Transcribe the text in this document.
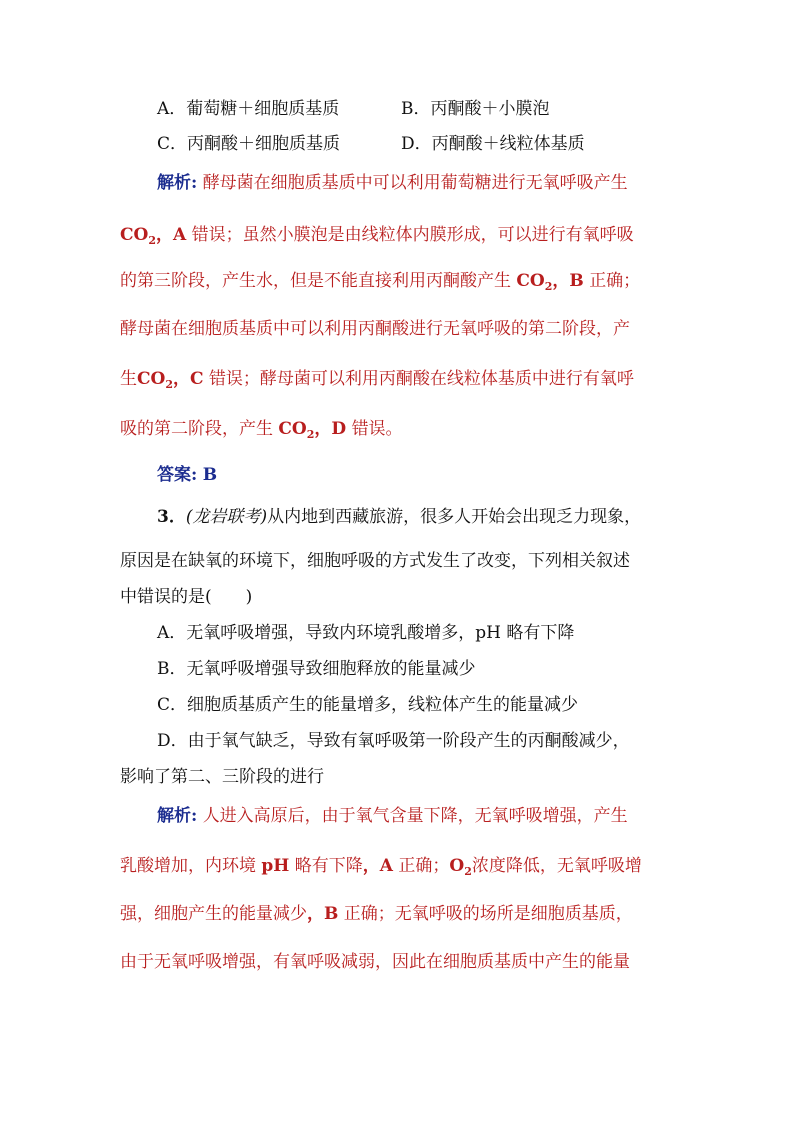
A．葡萄糖＋细胞质基质	B．丙酮酸＋小膜泡
C．丙酮酸＋细胞质基质	D．丙酮酸＋线粒体基质
解析: 酵母菌在细胞质基质中可以利用葡萄糖进行无氧呼吸产生
$CO_2$，A 错误；虽然小膜泡是由线粒体内膜形成，可以进行有氧呼吸
的第三阶段，产生水，但是不能直接利用丙酮酸产生 $CO_2$，B 正确；
酵母菌在细胞质基质中可以利用丙酮酸进行无氧呼吸的第二阶段，产
生$CO_2$，C 错误；酵母菌可以利用丙酮酸在线粒体基质中进行有氧呼
吸的第二阶段，产生 $CO_2$，D 错误。
答案: B
3．(龙岩联考)从内地到西藏旅游，很多人开始会出现乏力现象，
原因是在缺氧的环境下，细胞呼吸的方式发生了改变，下列相关叙述
中错误的是(　　)
A．无氧呼吸增强，导致内环境乳酸增多，pH 略有下降
B．无氧呼吸增强导致细胞释放的能量减少
C．细胞质基质产生的能量增多，线粒体产生的能量减少
D．由于氧气缺乏，导致有氧呼吸第一阶段产生的丙酮酸减少，
影响了第二、三阶段的进行
解析: 人进入高原后，由于氧气含量下降，无氧呼吸增强，产生
乳酸增加，内环境 pH 略有下降，A 正确；$O_2$浓度降低，无氧呼吸增
强，细胞产生的能量减少，B 正确；无氧呼吸的场所是细胞质基质，
由于无氧呼吸增强，有氧呼吸减弱，因此在细胞质基质中产生的能量
